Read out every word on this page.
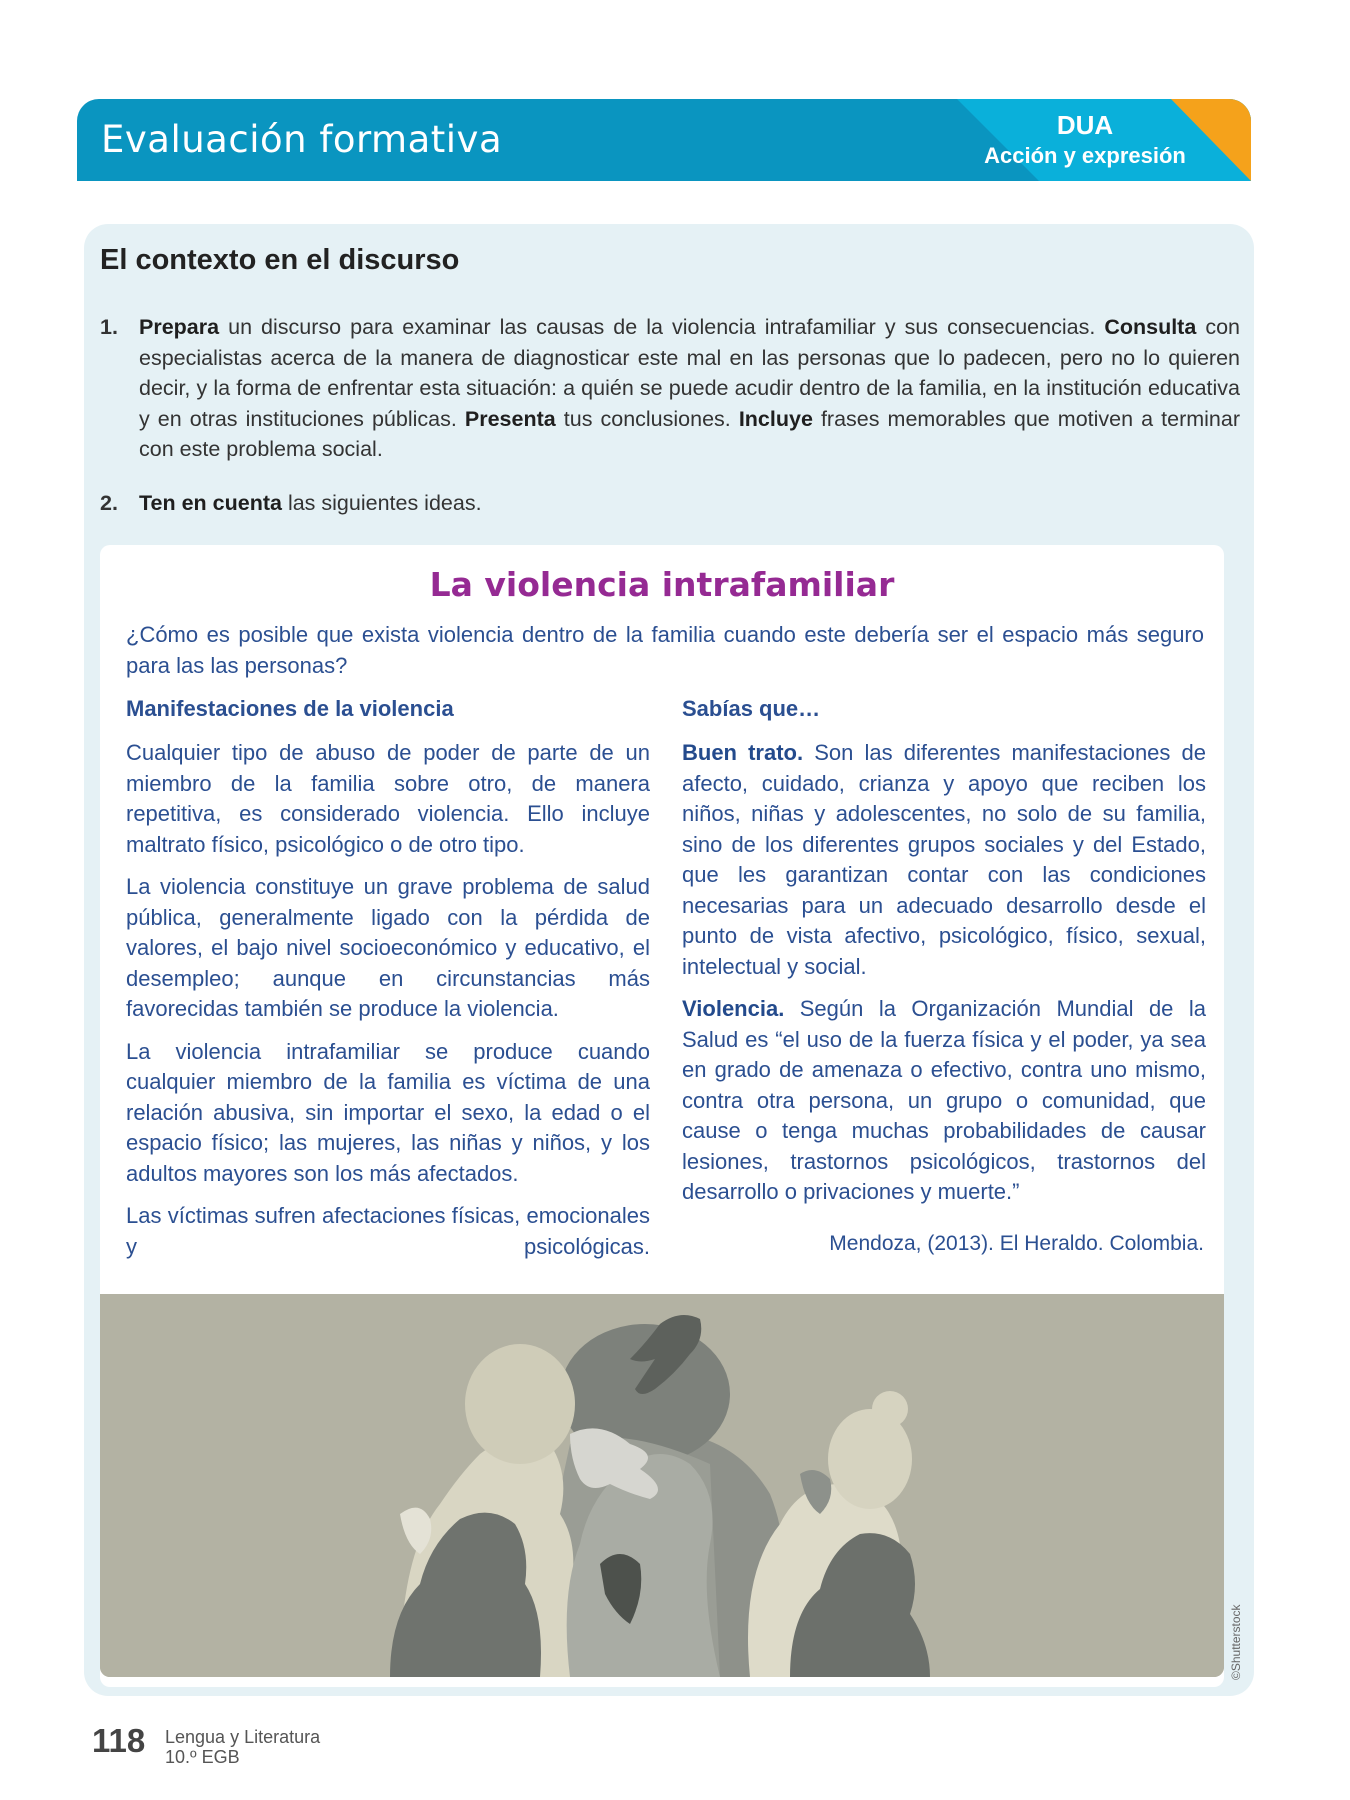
Evaluación formativa	DUA
Acción y expresión
El contexto en el discurso
1. Prepara un discurso para examinar las causas de la violencia intrafamiliar y sus consecuencias. Consulta con especialistas acerca de la manera de diagnosticar este mal en las personas que lo padecen, pero no lo quieren decir, y la forma de enfrentar esta situación: a quién se puede acudir dentro de la familia, en la institución educativa y en otras instituciones públicas. Presenta tus conclusiones. Incluye frases memorables que motiven a terminar con este problema social.
2. Ten en cuenta las siguientes ideas.
La violencia intrafamiliar
¿Cómo es posible que exista violencia dentro de la familia cuando este debería ser el espacio más seguro para las las personas?
Manifestaciones de la violencia

Cualquier tipo de abuso de poder de parte de un miembro de la familia sobre otro, de manera repetitiva, es considerado violencia. Ello incluye maltrato físico, psicológico o de otro tipo.

La violencia constituye un grave problema de salud pública, generalmente ligado con la pérdida de valores, el bajo nivel socioeconómico y educativo, el desempleo; aunque en circunstancias más favorecidas también se produce la violencia.

La violencia intrafamiliar se produce cuando cualquier miembro de la familia es víctima de una relación abusiva, sin importar el sexo, la edad o el espacio físico; las mujeres, las niñas y niños, y los adultos mayores son los más afectados.

Las víctimas sufren afectaciones físicas, emocionales y psicológicas.

Sabías que…

Buen trato. Son las diferentes manifestaciones de afecto, cuidado, crianza y apoyo que reciben los niños, niñas y adolescentes, no solo de su familia, sino de los diferentes grupos sociales y del Estado, que les garantizan contar con las condiciones necesarias para un adecuado desarrollo desde el punto de vista afectivo, psicológico, físico, sexual, intelectual y social.

Violencia. Según la Organización Mundial de la Salud es “el uso de la fuerza física y el poder, ya sea en grado de amenaza o efectivo, contra uno mismo, contra otra persona, un grupo o comunidad, que cause o tenga muchas probabilidades de causar lesiones, trastornos psicológicos, trastornos del desarrollo o privaciones y muerte.”

Mendoza, (2013). El Heraldo. Colombia.
©Shutterstock
118 Lengua y Literatura
10.º EGB
